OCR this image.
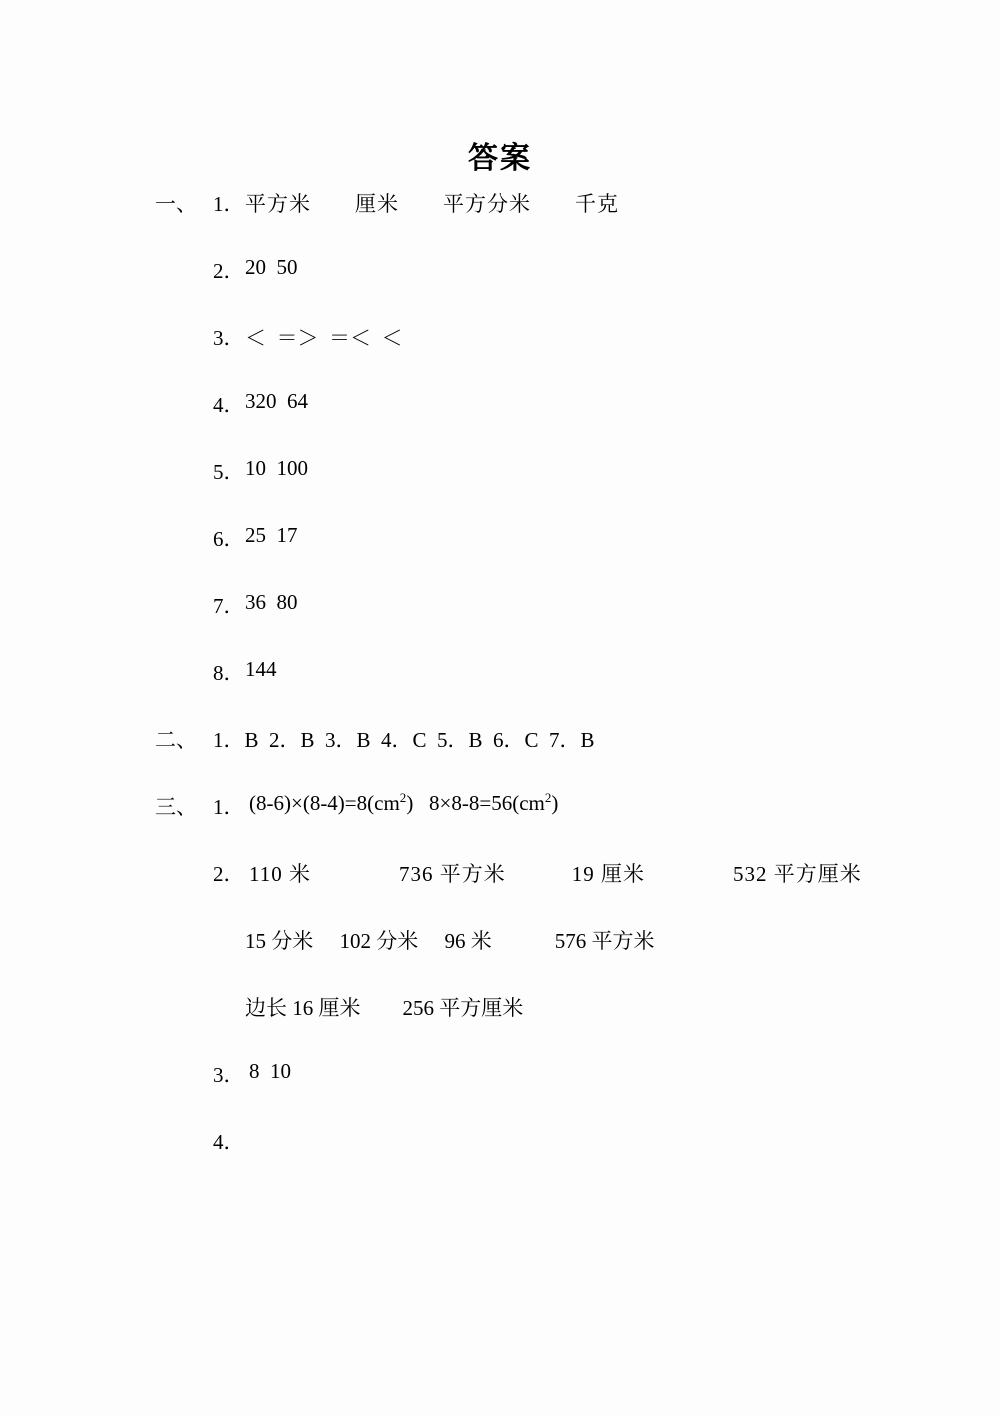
答案
一、 1． 平方米　　厘米　　平方分米　　千克
2． 20  50
3． ＜  ＝＞  ＝＜  ＜
4． 320  64
5． 10  100
6． 25  17
7． 36  80
8． 144
二、 1．B  2．B  3．B  4．C  5．B  6．C  7．B
三、 1． $(8-6)\times(8-4)=8(cm^2)$   $8\times 8-8=56(cm^2)$
2． 110 米　　　　736 平方米　　　19 厘米　　　　532 平方厘米
15 分米　 102 分米　 96 米　　　576 平方米
边长 16 厘米　　256 平方厘米
3． 8  10
4．
